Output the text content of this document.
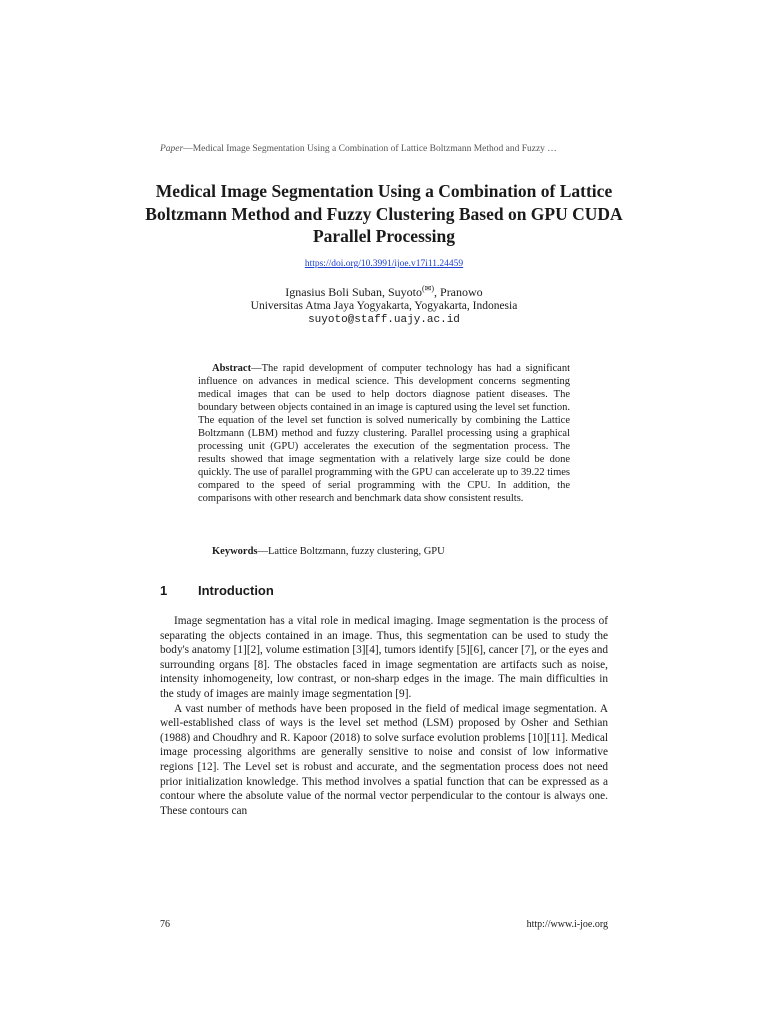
Paper—Medical Image Segmentation Using a Combination of Lattice Boltzmann Method and Fuzzy …
Medical Image Segmentation Using a Combination of Lattice Boltzmann Method and Fuzzy Clustering Based on GPU CUDA Parallel Processing
https://doi.org/10.3991/ijoe.v17i11.24459
Ignasius Boli Suban, Suyoto(✉), Pranowo
Universitas Atma Jaya Yogyakarta, Yogyakarta, Indonesia
suyoto@staff.uajy.ac.id

Abstract—The rapid development of computer technology has had a significant influence on advances in medical science. This development concerns segmenting medical images that can be used to help doctors diagnose patient diseases. The boundary between objects contained in an image is captured using the level set function. The equation of the level set function is solved numerically by combining the Lattice Boltzmann (LBM) method and fuzzy clustering. Parallel processing using a graphical processing unit (GPU) accelerates the execution of the segmentation process. The results showed that image segmentation with a relatively large size could be done quickly. The use of parallel programming with the GPU can accelerate up to 39.22 times compared to the speed of serial programming with the CPU. In addition, the comparisons with other research and benchmark data show consistent results.

Keywords—Lattice Boltzmann, fuzzy clustering, GPU
1 Introduction

Image segmentation has a vital role in medical imaging. Image segmentation is the process of separating the objects contained in an image. Thus, this segmentation can be used to study the body's anatomy [1][2], volume estimation [3][4], tumors identify [5][6], cancer [7], or the eyes and surrounding organs [8]. The obstacles faced in image segmentation are artifacts such as noise, intensity inhomogeneity, low contrast, or non-sharp edges in the image. The main difficulties in the study of images are mainly image segmentation [9].

A vast number of methods have been proposed in the field of medical image segmentation. A well-established class of ways is the level set method (LSM) proposed by Osher and Sethian (1988) and Choudhry and R. Kapoor (2018) to solve surface evolution problems [10][11]. Medical image processing algorithms are generally sensitive to noise and consist of low informative regions [12]. The Level set is robust and accurate, and the segmentation process does not need prior initialization knowledge. This method involves a spatial function that can be expressed as a contour where the absolute value of the normal vector perpendicular to the contour is always one. These contours can

76	http://www.i-joe.org
